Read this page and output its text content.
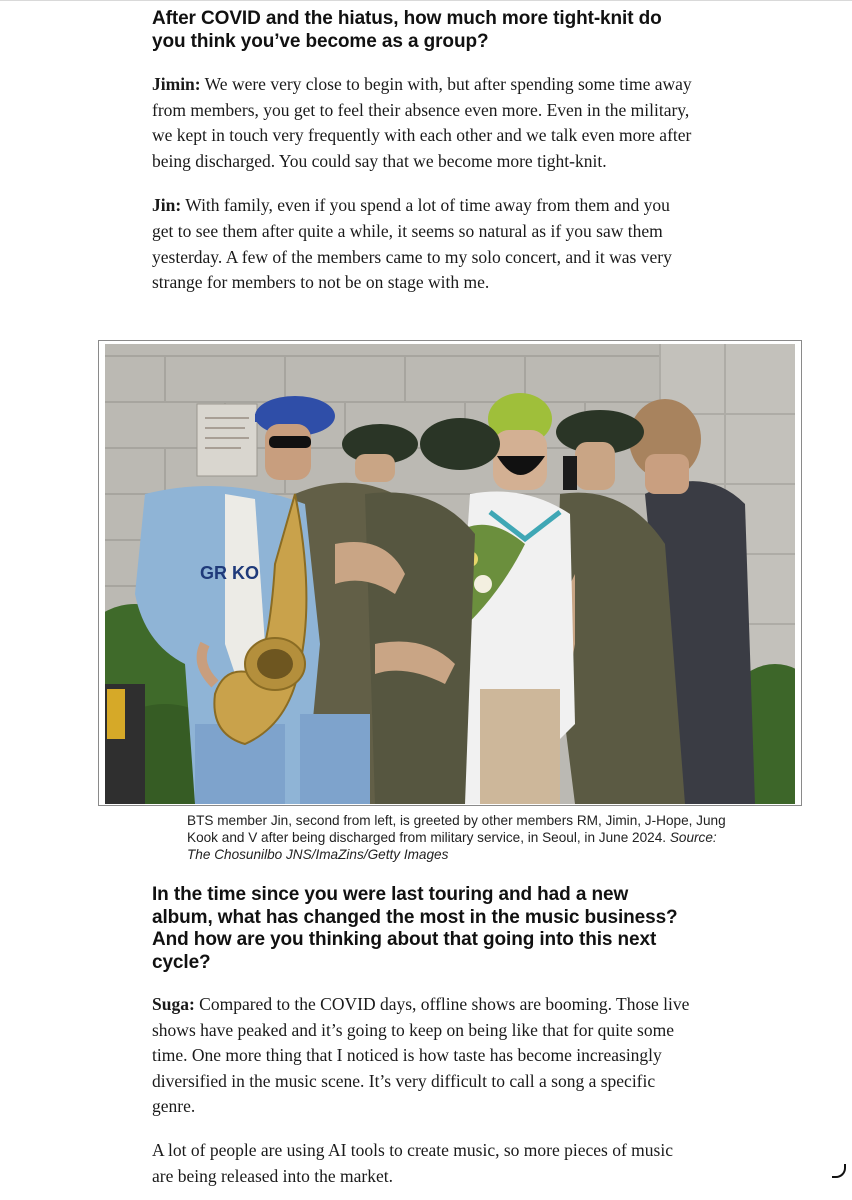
After COVID and the hiatus, how much more tight-knit do you think you’ve become as a group?

Jimin: We were very close to begin with, but after spending some time away from members, you get to feel their absence even more. Even in the military, we kept in touch very frequently with each other and we talk even more after being discharged. You could say that we become more tight-knit.

Jin: With family, even if you spend a lot of time away from them and you get to see them after quite a while, it seems so natural as if you saw them yesterday. A few of the members came to my solo concert, and it was very strange for members to not be on stage with me.

GR KO

BTS member Jin, second from left, is greeted by other members RM, Jimin, J-Hope, Jung Kook and V after being discharged from military service, in Seoul, in June 2024. Source: The Chosunilbo JNS/ImaZins/Getty Images

In the time since you were last touring and had a new album, what has changed the most in the music business? And how are you thinking about that going into this next cycle?

Suga: Compared to the COVID days, offline shows are booming. Those live shows have peaked and it’s going to keep on being like that for quite some time. One more thing that I noticed is how taste has become increasingly diversified in the music scene. It’s very difficult to call a song a specific genre.

A lot of people are using AI tools to create music, so more pieces of music are being released into the market.
